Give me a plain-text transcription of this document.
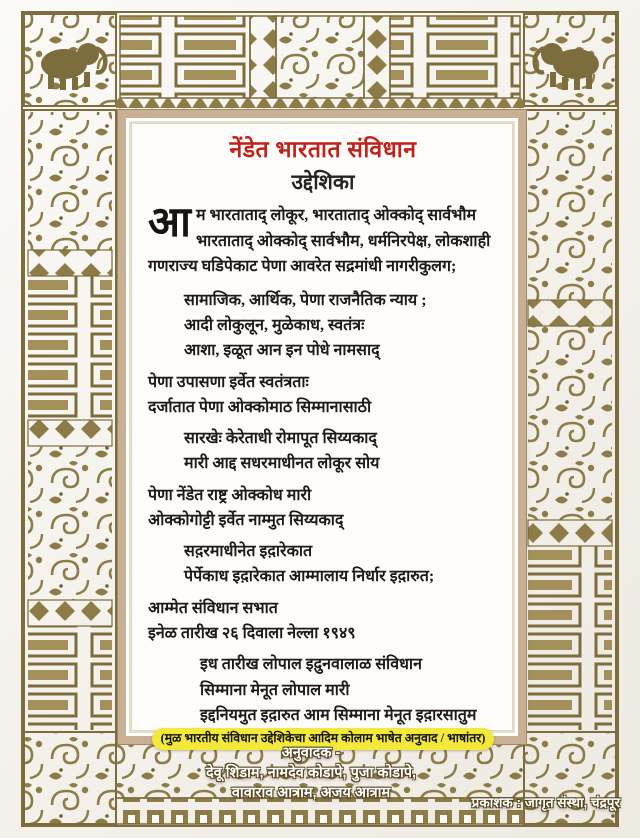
नेंडेत भारतात संविधान
उद्देशिका

आम भारताताद् लोकूर, भारताताद् ओक्कोद् सार्वभौम भारताताद् ओक्कोद् सार्वभौम, धर्मनिरपेक्ष, लोकशाही गणराज्य घडिपेकाट पेणा आवरेत सद्रमांधी नागरीकुलग;

सामाजिक, आर्थिक, पेणा राजनैतिक न्याय ;
आदी लोकुलून, मुळेकाध, स्वतंत्रः
आशा, इळूत आन इन पोधे नामसाद्
पेणा उपासणा इर्वेत स्वतंत्रताः
दर्जातात पेणा ओक्कोमाठ सिम्मानासाठी
सारखेः केरेताधी रोमापूत सिय्यकाद्
मारी आद्द सधरमाधीनत लोकूर सोय
पेणा नेंडेत राष्ट्र ओक्कोध मारी
ओक्कोगोट्टी इर्वेत नाम्मुत सिय्यकाद्
सद़रमाधीनेत इद़ारेकात
पेर्पेकाध इद़ारेकात आम्मालाय निर्धार इद़ारुत;
आम्मेत संविधान सभात
इनेळ तारीख २६ दिवाला नेल्ला १९४९
इध तारीख लोपाल इद़ुनवालाळ संविधान
सिम्माना मेनूत लोपाल मारी
इद्दनियमुत इद़ारुत आम सिम्माना मेनूत इद़ारसातुम
(मुळ भारतीय संविधान उद्देशिकेचा आदिम कोलाम भाषेत अनुवाद / भाषांतर)
अनुवादक -
देवू शिडाम, नामदेव कोडापे, पुजा कोडापे,
वावाराव आत्राम, अजय आत्राम
प्रकाशक : जागृत संस्था, चंद्रपूर
